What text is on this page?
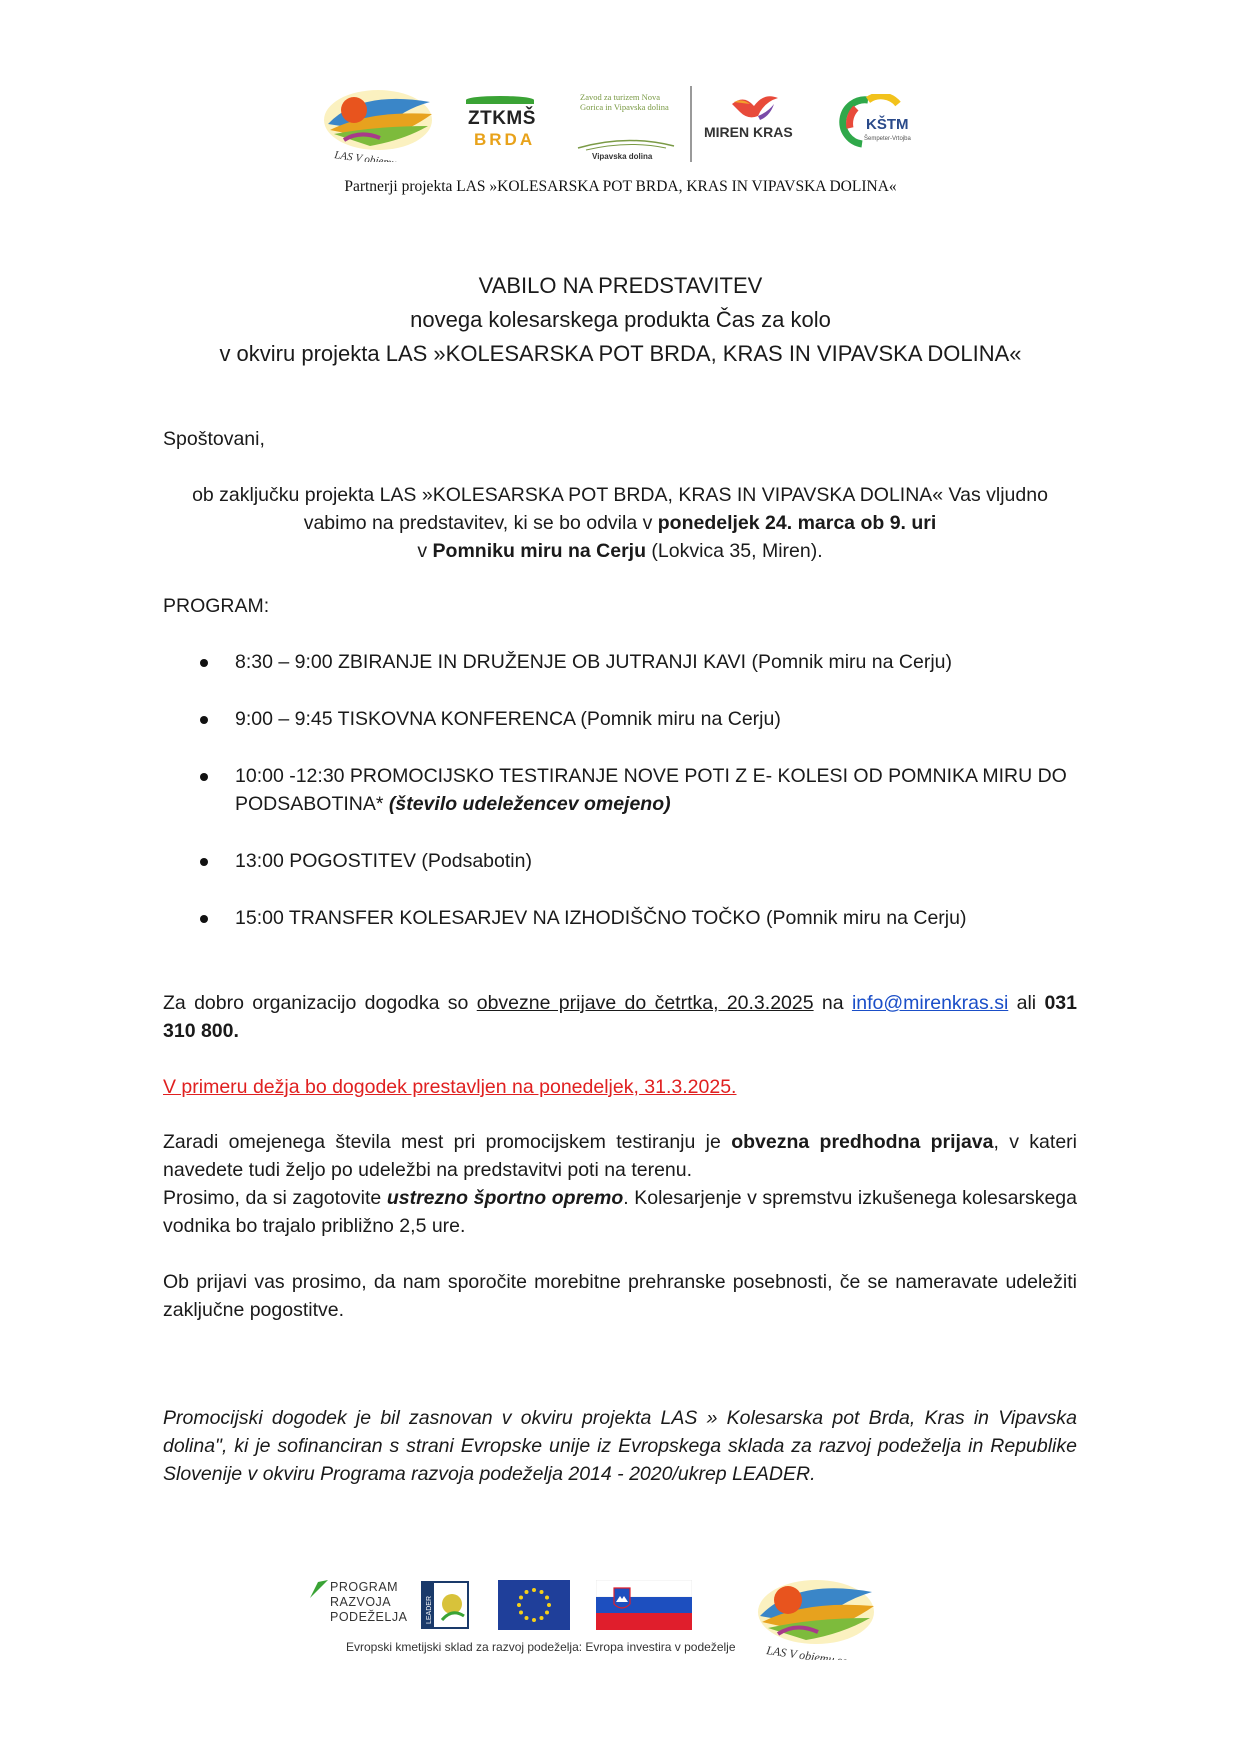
LAS V objemu sonca
ZTKMŠ
BRDA
Zavod za turizem Nova Gorica in Vipavska dolina
Vipavska dolina
MIREN KRAS	KŠTM
Šempeter-Vrtojba
Partnerji projekta LAS »KOLESARSKA POT BRDA, KRAS IN VIPAVSKA DOLINA«
VABILO NA PREDSTAVITEV
novega kolesarskega produkta Čas za kolo
v okviru projekta LAS »KOLESARSKA POT BRDA, KRAS IN VIPAVSKA DOLINA«
Spoštovani,
ob zaključku projekta LAS »KOLESARSKA POT BRDA, KRAS IN VIPAVSKA DOLINA« Vas vljudno vabimo na predstavitev, ki se bo odvila v ponedeljek 24. marca ob 9. uri
v Pomniku miru na Cerju (Lokvica 35, Miren).
PROGRAM:
8:30 – 9:00 ZBIRANJE IN DRUŽENJE OB JUTRANJI KAVI (Pomnik miru na Cerju)
9:00 – 9:45 TISKOVNA KONFERENCA (Pomnik miru na Cerju)
10:00 -12:30 PROMOCIJSKO TESTIRANJE NOVE POTI Z E- KOLESI OD POMNIKA MIRU DO PODSABOTINA* (število udeležencev omejeno)
13:00 POGOSTITEV (Podsabotin)
15:00 TRANSFER KOLESARJEV NA IZHODIŠČNO TOČKO (Pomnik miru na Cerju)
Za dobro organizacijo dogodka so obvezne prijave do četrtka, 20.3.2025 na info@mirenkras.si ali 031 310 800.
V primeru dežja bo dogodek prestavljen na ponedeljek, 31.3.2025.
Zaradi omejenega števila mest pri promocijskem testiranju je obvezna predhodna prijava, v kateri navedete tudi željo po udeležbi na predstavitvi poti na terenu.
Prosimo, da si zagotovite ustrezno športno opremo. Kolesarjenje v spremstvu izkušenega kolesarskega vodnika bo trajalo približno 2,5 ure.
Ob prijavi vas prosimo, da nam sporočite morebitne prehranske posebnosti, če se nameravate udeležiti zaključne pogostitve.
Promocijski dogodek je bil zasnovan v okviru projekta LAS » Kolesarska pot Brda, Kras in Vipavska dolina", ki je sofinanciran s strani Evropske unije iz Evropskega sklada za razvoj podeželja in Republike Slovenije v okviru Programa razvoja podeželja 2014 - 2020/ukrep LEADER.
PROGRAM
RAZVOJA
PODEŽELJA	LEADER
Evropski kmetijski sklad za razvoj podeželja: Evropa investira v podeželje	LAS V objemu sonca
